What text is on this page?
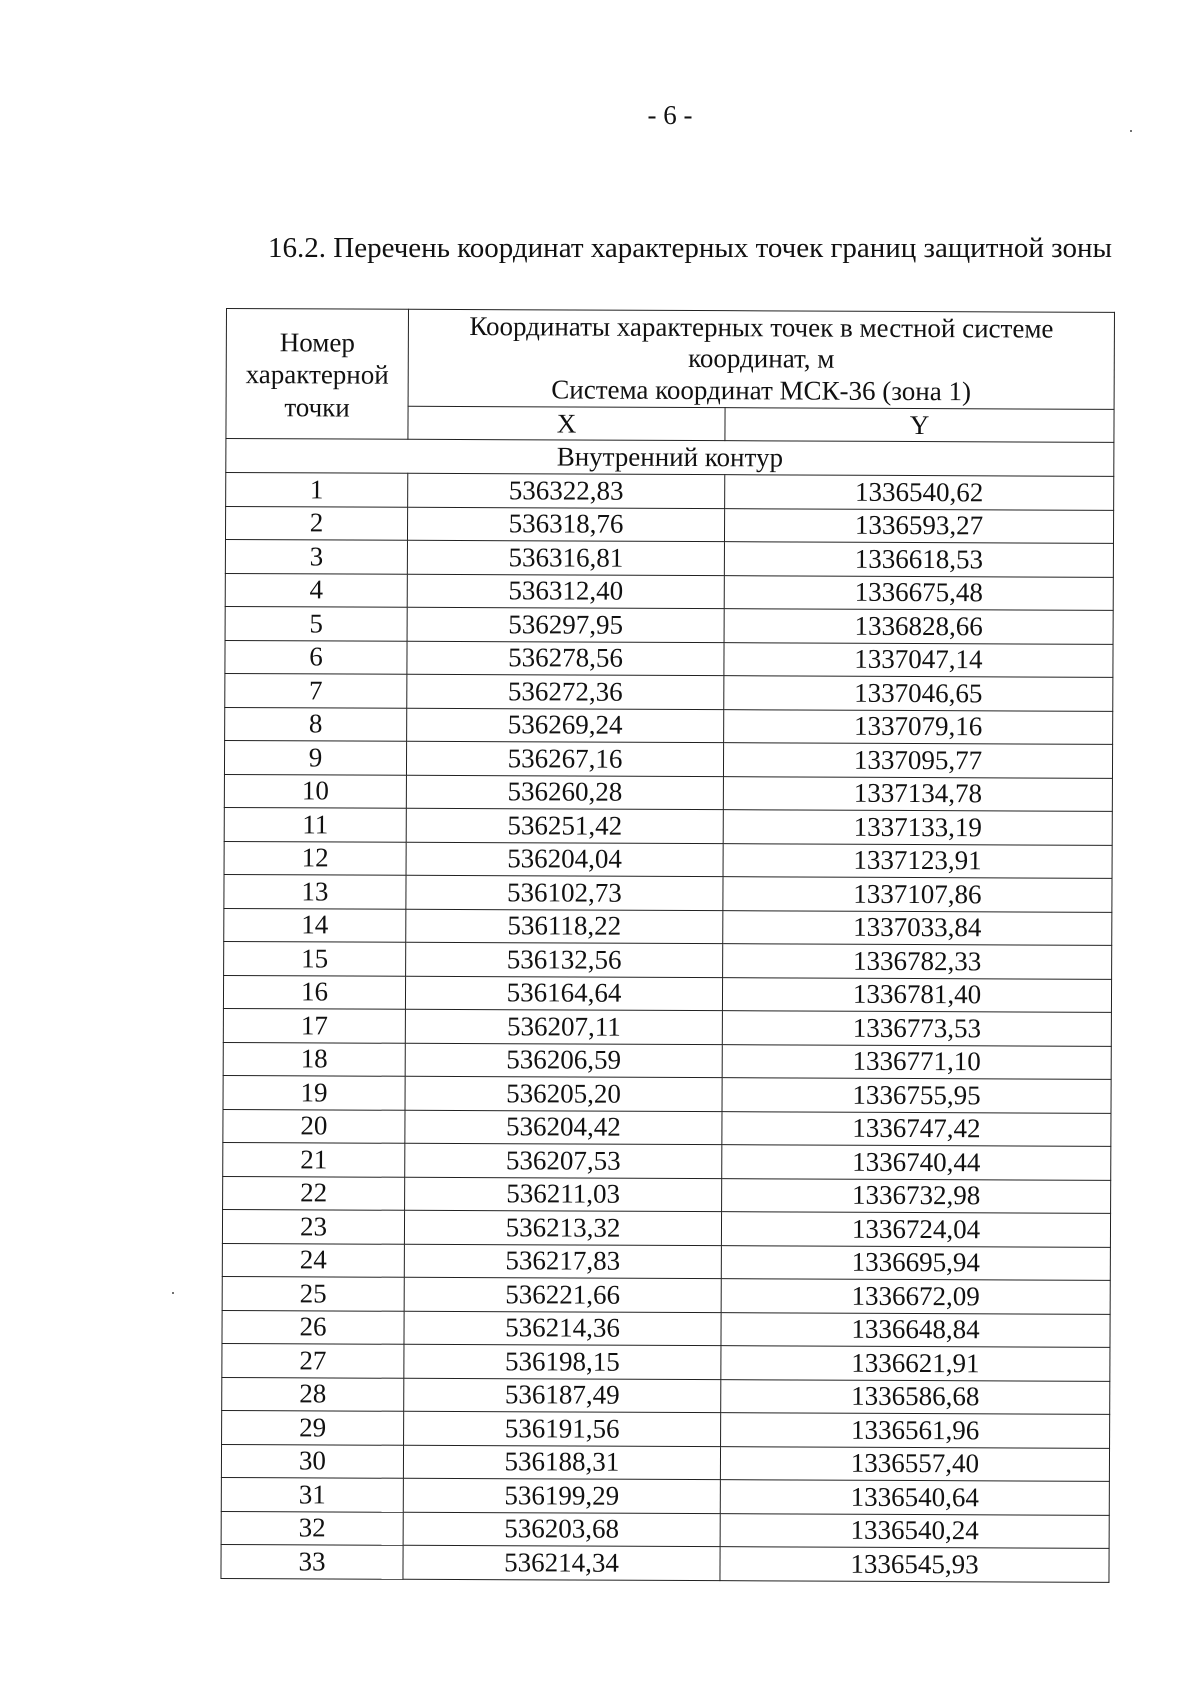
- 6 -
16.2. Перечень координат характерных точек границ защитной зоны
Номер характерной точки	Координаты характерных точек в местной системе координат, м
Система координат МСК-36 (зона 1)	

	X	Y
Внутренний контур		
1	536322,83	1336540,62
2	536318,76	1336593,27
3	536316,81	1336618,53
4	536312,40	1336675,48
5	536297,95	1336828,66
6	536278,56	1337047,14
7	536272,36	1337046,65
8	536269,24	1337079,16
9	536267,16	1337095,77
10	536260,28	1337134,78
11	536251,42	1337133,19
12	536204,04	1337123,91
13	536102,73	1337107,86
14	536118,22	1337033,84
15	536132,56	1336782,33
16	536164,64	1336781,40
17	536207,11	1336773,53
18	536206,59	1336771,10
19	536205,20	1336755,95
20	536204,42	1336747,42
21	536207,53	1336740,44
22	536211,03	1336732,98
23	536213,32	1336724,04
24	536217,83	1336695,94
25	536221,66	1336672,09
26	536214,36	1336648,84
27	536198,15	1336621,91
28	536187,49	1336586,68
29	536191,56	1336561,96
30	536188,31	1336557,40
31	536199,29	1336540,64
32	536203,68	1336540,24
33	536214,34	1336545,93
